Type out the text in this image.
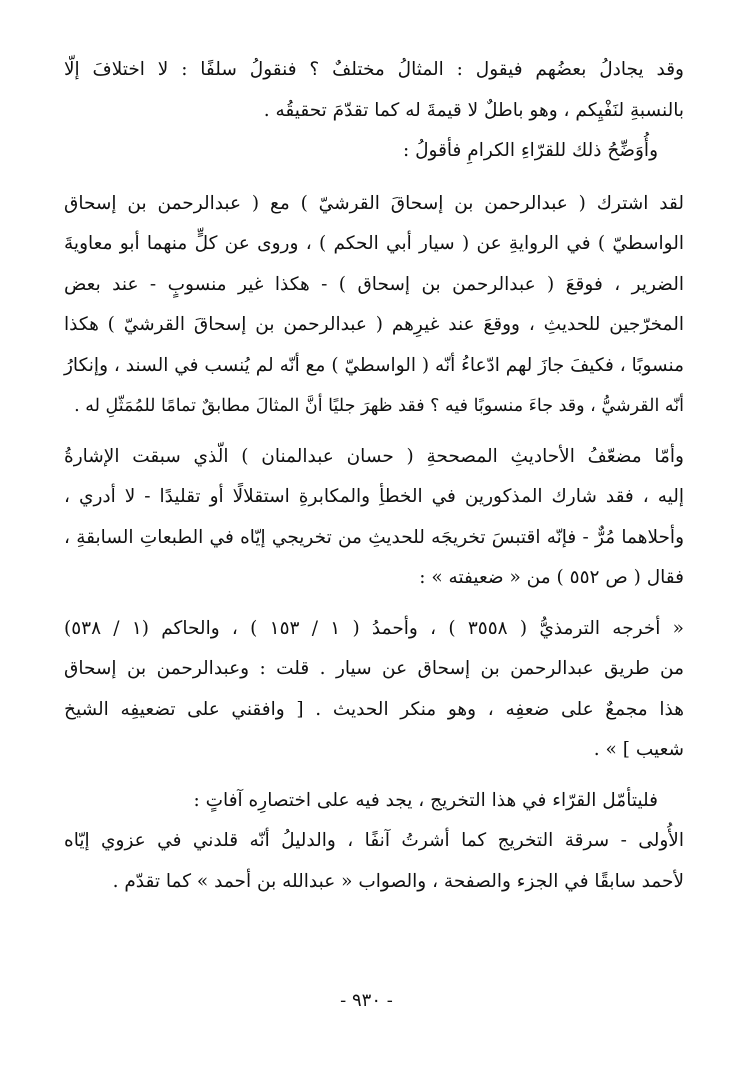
وقد يجادلُ بعضُهم فيقول : المثالُ مختلفٌ ؟ فنقولُ سلفًا : لا اختلافَ إلّا
بالنسبةِ لنَفْيِكم ، وهو باطلٌ لا قيمةَ له كما تقدّمَ تحقيقُه .
وأُوَضِّحُ ذلك للقرّاءِ الكرامِ فأقولُ :
لقد اشترك ( عبدالرحمن بن إسحاقَ القرشيّ ) مع ( عبدالرحمن بن إسحاق
الواسطيّ ) في الروايةِ عن ( سيار أبي الحكم ) ، وروى عن كلٍّ منهما أبو معاويةَ
الضرير ، فوقعَ ( عبدالرحمن بن إسحاق ) - هكذا غير منسوبٍ - عند بعض
المخرّجين للحديثِ ، ووقعَ عند غيرِهم ( عبدالرحمن بن إسحاقَ القرشيّ ) هكذا
منسوبًا ، فكيفَ جازَ لهم ادّعاءُ أنّه ( الواسطيّ ) مع أنّه لم يُنسب في السند ، وإنكارُ
أنّه القرشيُّ ، وقد جاءَ منسوبًا فيه ؟ فقد ظهرَ جليًا أنَّ المثالَ مطابقٌ تمامًا للمُمَثّلِ له .
وأمّا مضعّفُ الأحاديثِ المصححةِ ( حسان عبدالمنان ) الّذي سبقت الإشارةُ
إليه ، فقد شارك المذكورين في الخطأِ والمكابرةِ استقلالًا أو تقليدًا - لا أدري ،
وأحلاهما مُرٌّ - فإنّه اقتبسَ تخريجَه للحديثِ من تخريجي إيّاه في الطبعاتِ السابقةِ ،
فقال ( ص ٥٥٢ ) من « ضعيفته » :
« أخرجه الترمذيُّ ( ٣٥٥٨ ) ، وأحمدُ ( ١ / ١٥٣ ) ، والحاكم (١ / ٥٣٨)
من طريق عبدالرحمن بن إسحاق عن سيار . قلت : وعبدالرحمن بن إسحاق
هذا مجمعٌ على ضعفِه ، وهو منكر الحديث . [ وافقني على تضعيفِه الشيخ
شعيب ] » .
فليتأمّل القرّاء في هذا التخريج ، يجد فيه على اختصارِه آفاتٍ :
الأُولى - سرقة التخريج كما أشرتُ آنفًا ، والدليلُ أنّه قلدني في عزوي إيّاه
لأحمد سابقًا في الجزء والصفحة ، والصواب « عبدالله بن أحمد » كما تقدّم .
- ٩٣٠ -
